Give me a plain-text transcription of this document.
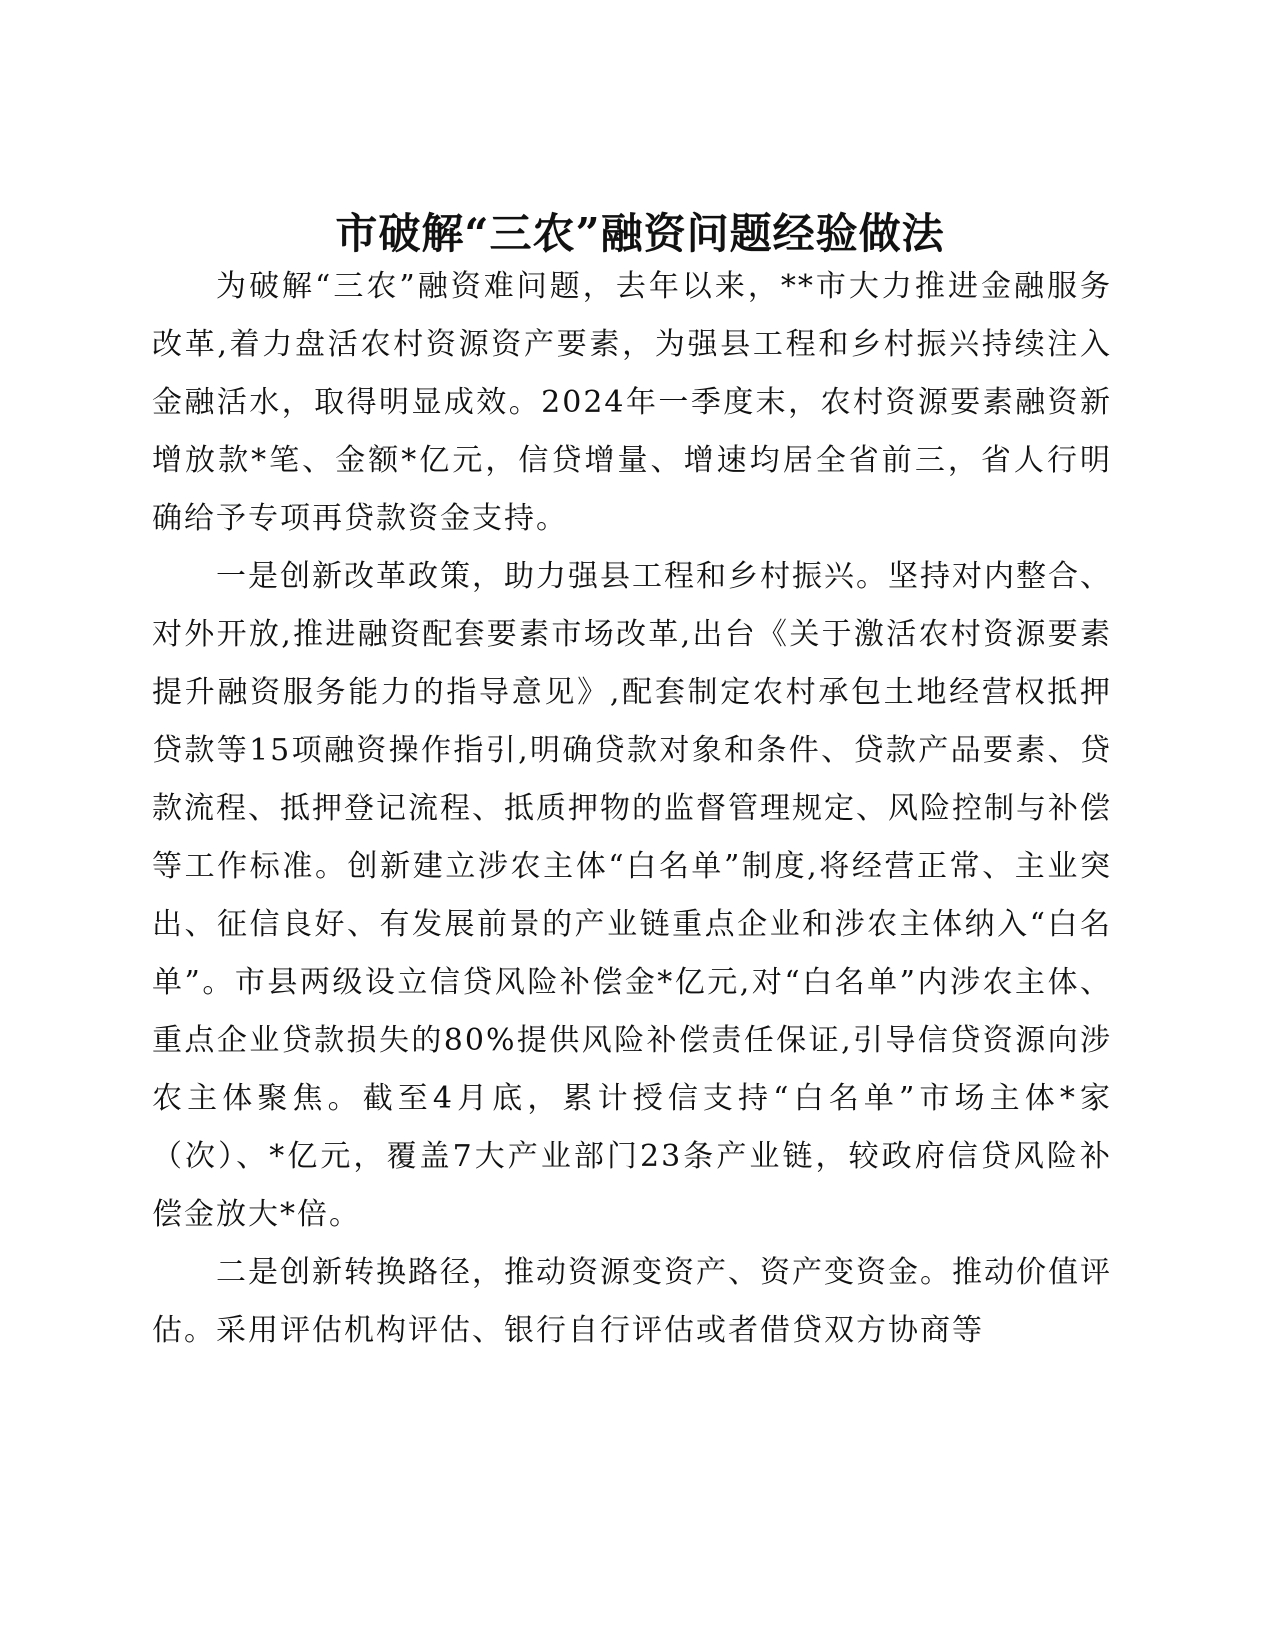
市破解“三农”融资问题经验做法

为破解“三农”融资难问题，去年以来，**市大力推进金融服务改革,着力盘活农村资源资产要素，为强县工程和乡村振兴持续注入金融活水，取得明显成效。2024年一季度末，农村资源要素融资新增放款*笔、金额*亿元，信贷增量、增速均居全省前三，省人行明确给予专项再贷款资金支持。

一是创新改革政策，助力强县工程和乡村振兴。坚持对内整合、对外开放,推进融资配套要素市场改革,出台《关于激活农村资源要素提升融资服务能力的指导意见》,配套制定农村承包土地经营权抵押贷款等15项融资操作指引,明确贷款对象和条件、贷款产品要素、贷款流程、抵押登记流程、抵质押物的监督管理规定、风险控制与补偿等工作标准。创新建立涉农主体“白名单”制度,将经营正常、主业突出、征信良好、有发展前景的产业链重点企业和涉农主体纳入“白名单”。市县两级设立信贷风险补偿金*亿元,对“白名单”内涉农主体、重点企业贷款损失的80%提供风险补偿责任保证,引导信贷资源向涉农主体聚焦。截至4月底，累计授信支持“白名单”市场主体*家（次）、*亿元，覆盖7大产业部门23条产业链，较政府信贷风险补偿金放大*倍。

二是创新转换路径，推动资源变资产、资产变资金。推动价值评估。采用评估机构评估、银行自行评估或者借贷双方协商等
